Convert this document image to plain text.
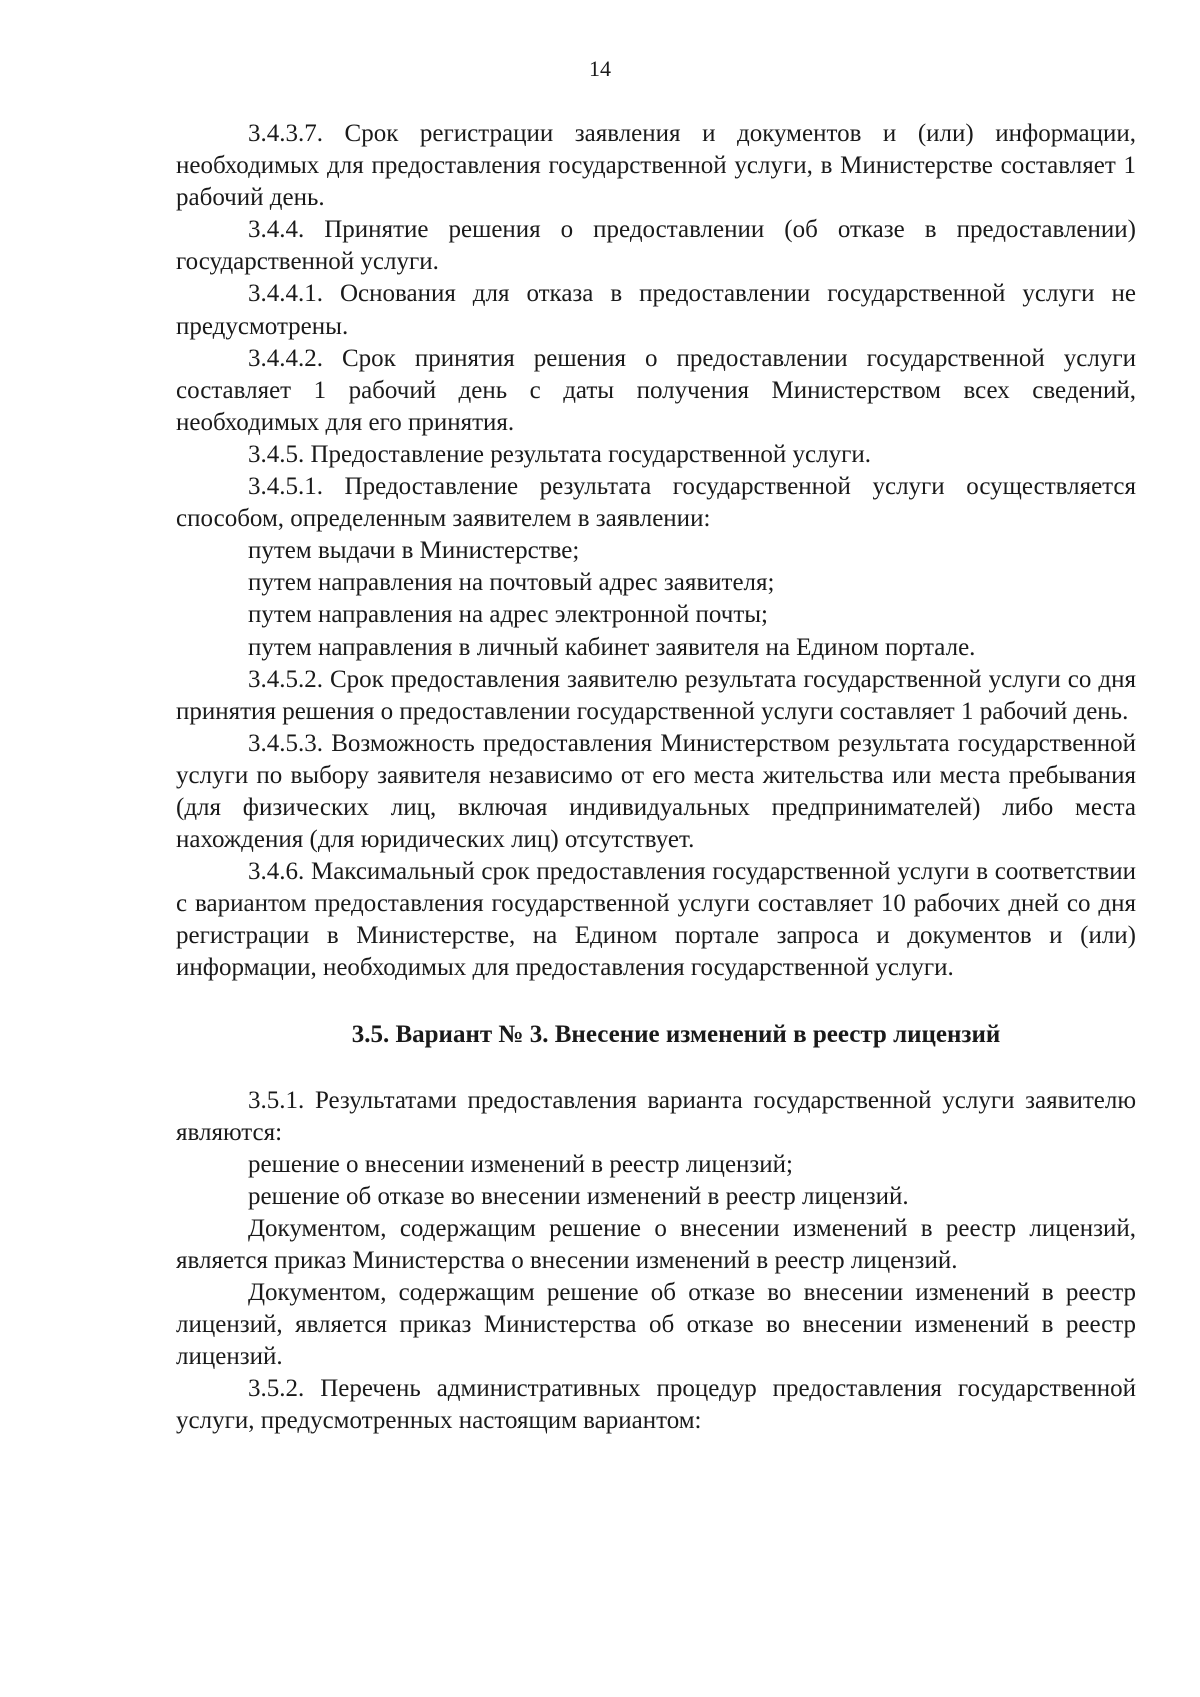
14

3.4.3.7. Срок регистрации заявления и документов и (или) информации, необходимых для предоставления государственной услуги, в Министерстве составляет 1 рабочий день.

3.4.4. Принятие решения о предоставлении (об отказе в предоставлении) государственной услуги.

3.4.4.1. Основания для отказа в предоставлении государственной услуги не предусмотрены.

3.4.4.2. Срок принятия решения о предоставлении государственной услуги составляет 1 рабочий день с даты получения Министерством всех сведений, необходимых для его принятия.

3.4.5. Предоставление результата государственной услуги.

3.4.5.1. Предоставление результата государственной услуги осуществляется способом, определенным заявителем в заявлении:

путем выдачи в Министерстве;

путем направления на почтовый адрес заявителя;

путем направления на адрес электронной почты;

путем направления в личный кабинет заявителя на Едином портале.

3.4.5.2. Срок предоставления заявителю результата государственной услуги со дня принятия решения о предоставлении государственной услуги составляет 1 рабочий день.

3.4.5.3. Возможность предоставления Министерством результата государственной услуги по выбору заявителя независимо от его места жительства или места пребывания (для физических лиц, включая индивидуальных предпринимателей) либо места нахождения (для юридических лиц) отсутствует.

3.4.6. Максимальный срок предоставления государственной услуги в соответствии с вариантом предоставления государственной услуги составляет 10 рабочих дней со дня регистрации в Министерстве, на Едином портале запроса и документов и (или) информации, необходимых для предоставления государственной услуги.

3.5. Вариант № 3. Внесение изменений в реестр лицензий

3.5.1. Результатами предоставления варианта государственной услуги заявителю являются:

решение о внесении изменений в реестр лицензий;

решение об отказе во внесении изменений в реестр лицензий.

Документом, содержащим решение о внесении изменений в реестр лицензий, является приказ Министерства о внесении изменений в реестр лицензий.

Документом, содержащим решение об отказе во внесении изменений в реестр лицензий, является приказ Министерства об отказе во внесении изменений в реестр лицензий.

3.5.2. Перечень административных процедур предоставления государственной услуги, предусмотренных настоящим вариантом:
